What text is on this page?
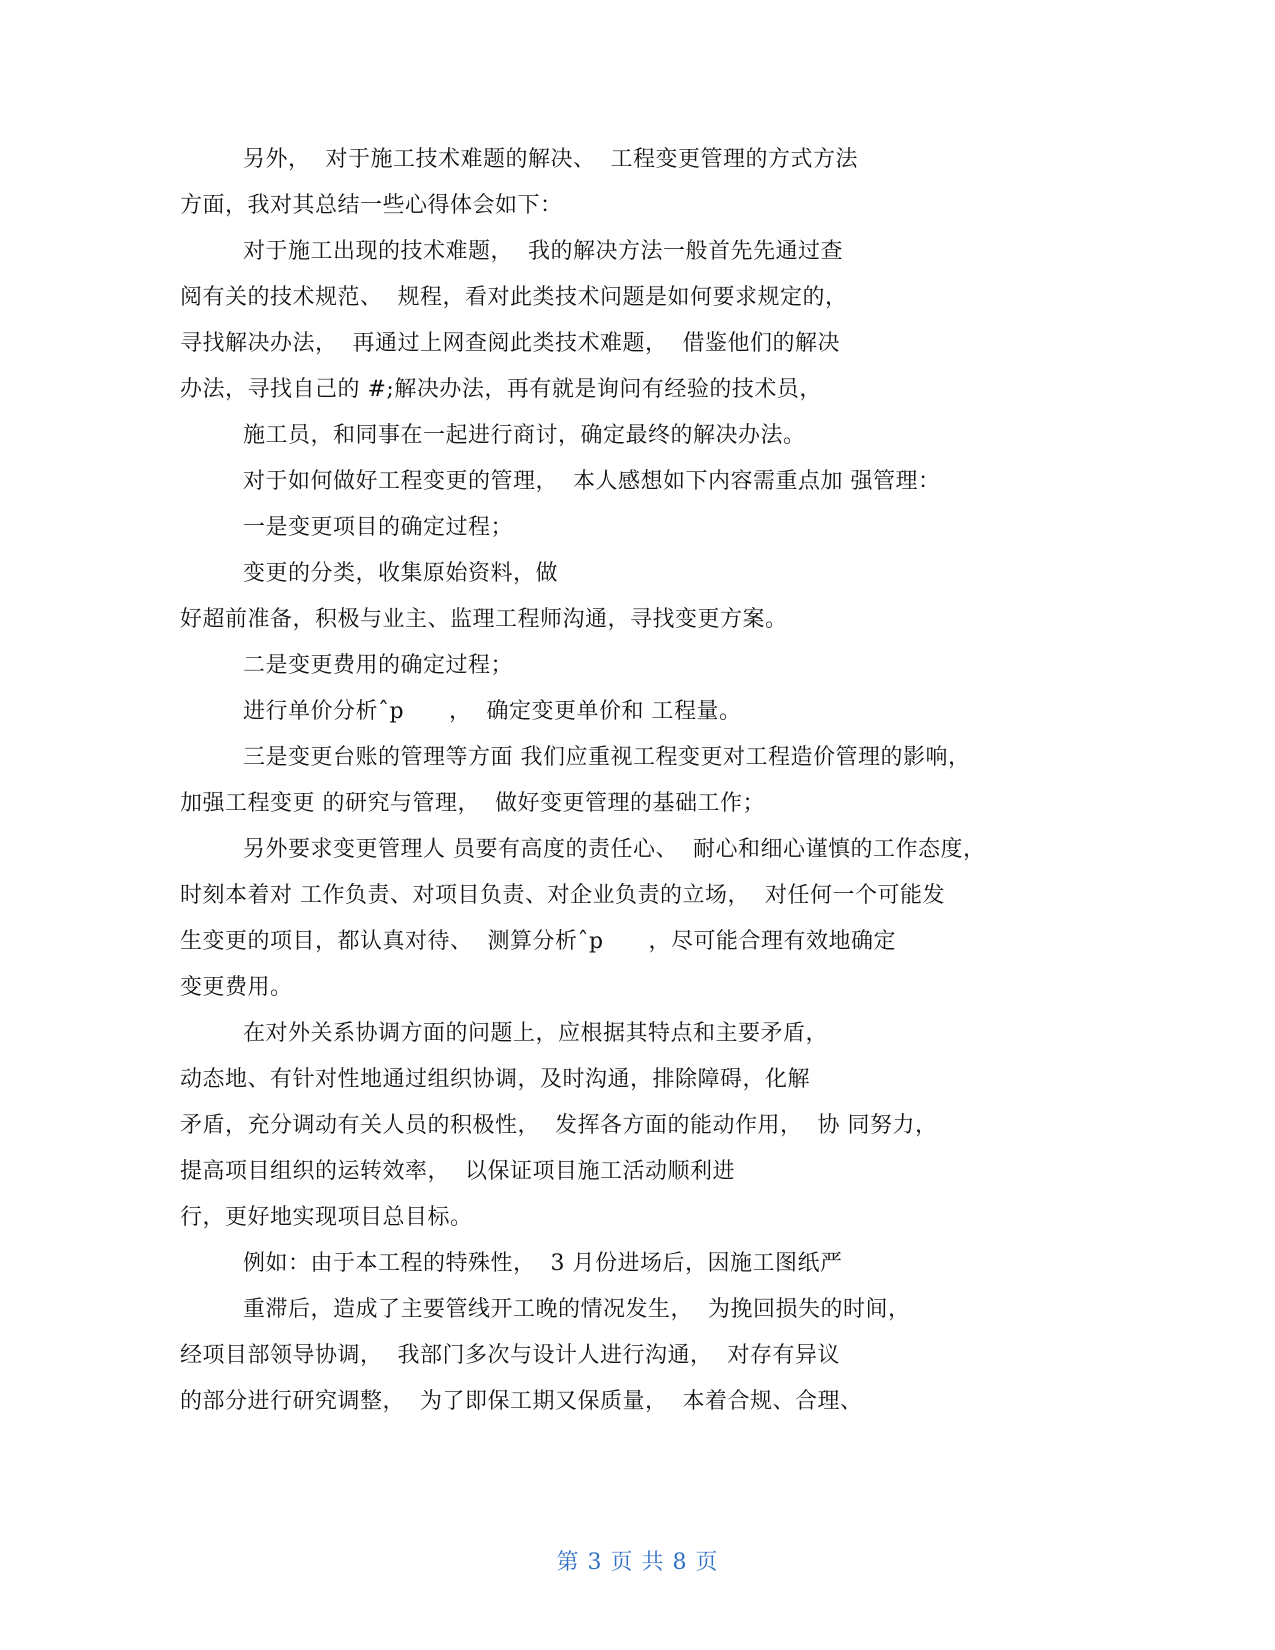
另外，  对于施工技术难题的解决、  工程变更管理的方式方法
方面，我对其总结一些心得体会如下：
对于施工出现的技术难题，  我的解决方法一般首先先通过查
阅有关的技术规范、  规程，看对此类技术问题是如何要求规定的，
寻找解决办法，  再通过上网查阅此类技术难题，  借鉴他们的解决
办法，寻找自己的 #;解决办法，再有就是询问有经验的技术员，
施工员，和同事在一起进行商讨，确定最终的解决办法。
对于如何做好工程变更的管理，  本人感想如下内容需重点加 强管理：
一是变更项目的确定过程；
变更的分类，收集原始资料，做
好超前准备，积极与业主、监理工程师沟通，寻找变更方案。
二是变更费用的确定过程；
进行单价分析ˆp      ，  确定变更单价和 工程量。
三是变更台账的管理等方面 我们应重视工程变更对工程造价管理的影响，
加强工程变更 的研究与管理，  做好变更管理的基础工作；
另外要求变更管理人 员要有高度的责任心、  耐心和细心谨慎的工作态度，
时刻本着对 工作负责、对项目负责、对企业负责的立场，  对任何一个可能发
生变更的项目，都认真对待、  测算分析ˆp      ，尽可能合理有效地确定
变更费用。
在对外关系协调方面的问题上，应根据其特点和主要矛盾，
动态地、有针对性地通过组织协调，及时沟通，排除障碍，化解
矛盾，充分调动有关人员的积极性，  发挥各方面的能动作用，  协 同努力，
提高项目组织的运转效率，  以保证项目施工活动顺利进
行，更好地实现项目总目标。
例如：由于本工程的特殊性，  3 月份进场后，因施工图纸严
重滞后，造成了主要管线开工晚的情况发生，  为挽回损失的时间，
经项目部领导协调，  我部门多次与设计人进行沟通，  对存有异议
的部分进行研究调整，  为了即保工期又保质量，  本着合规、合理、
第 3 页 共 8 页
